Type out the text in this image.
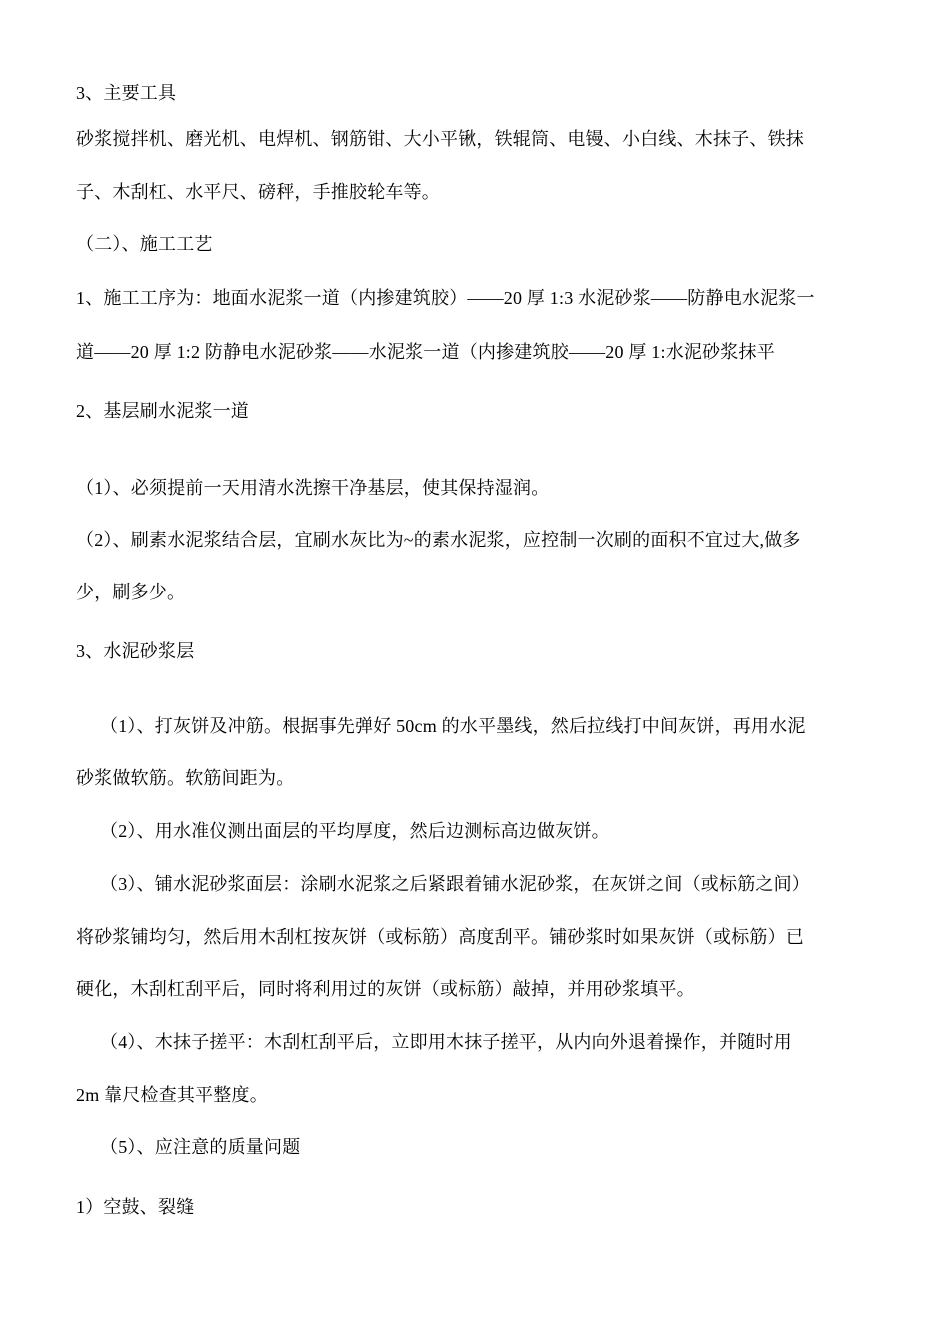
3、主要工具
砂浆搅拌机、磨光机、电焊机、钢筋钳、大小平锹，铁辊筒、电镘、小白线、木抹子、铁抹
子、木刮杠、水平尺、磅秤，手推胶轮车等。
（二）、施工工艺
1、施工工序为：地面水泥浆一道（内掺建筑胶）——20 厚 1:3 水泥砂浆——防静电水泥浆一
道——20 厚 1:2 防静电水泥砂浆——水泥浆一道（内掺建筑胶——20 厚 1:水泥砂浆抹平
2、基层刷水泥浆一道
（1）、必须提前一天用清水洗擦干净基层，使其保持湿润。
（2）、刷素水泥浆结合层，宜刷水灰比为~的素水泥浆，应控制一次刷的面积不宜过大,做多
少，刷多少。
3、水泥砂浆层
（1）、打灰饼及冲筋。根据事先弹好 50cm 的水平墨线，然后拉线打中间灰饼，再用水泥
砂浆做软筋。软筋间距为。
（2）、用水准仪测出面层的平均厚度，然后边测标高边做灰饼。
（3）、铺水泥砂浆面层：涂刷水泥浆之后紧跟着铺水泥砂浆，在灰饼之间（或标筋之间）
将砂浆铺均匀，然后用木刮杠按灰饼（或标筋）高度刮平。铺砂浆时如果灰饼（或标筋）已
硬化，木刮杠刮平后，同时将利用过的灰饼（或标筋）敲掉，并用砂浆填平。
（4）、木抹子搓平：木刮杠刮平后，立即用木抹子搓平，从内向外退着操作，并随时用
2m 靠尺检查其平整度。
（5）、应注意的质量问题
1）空鼓、裂缝
